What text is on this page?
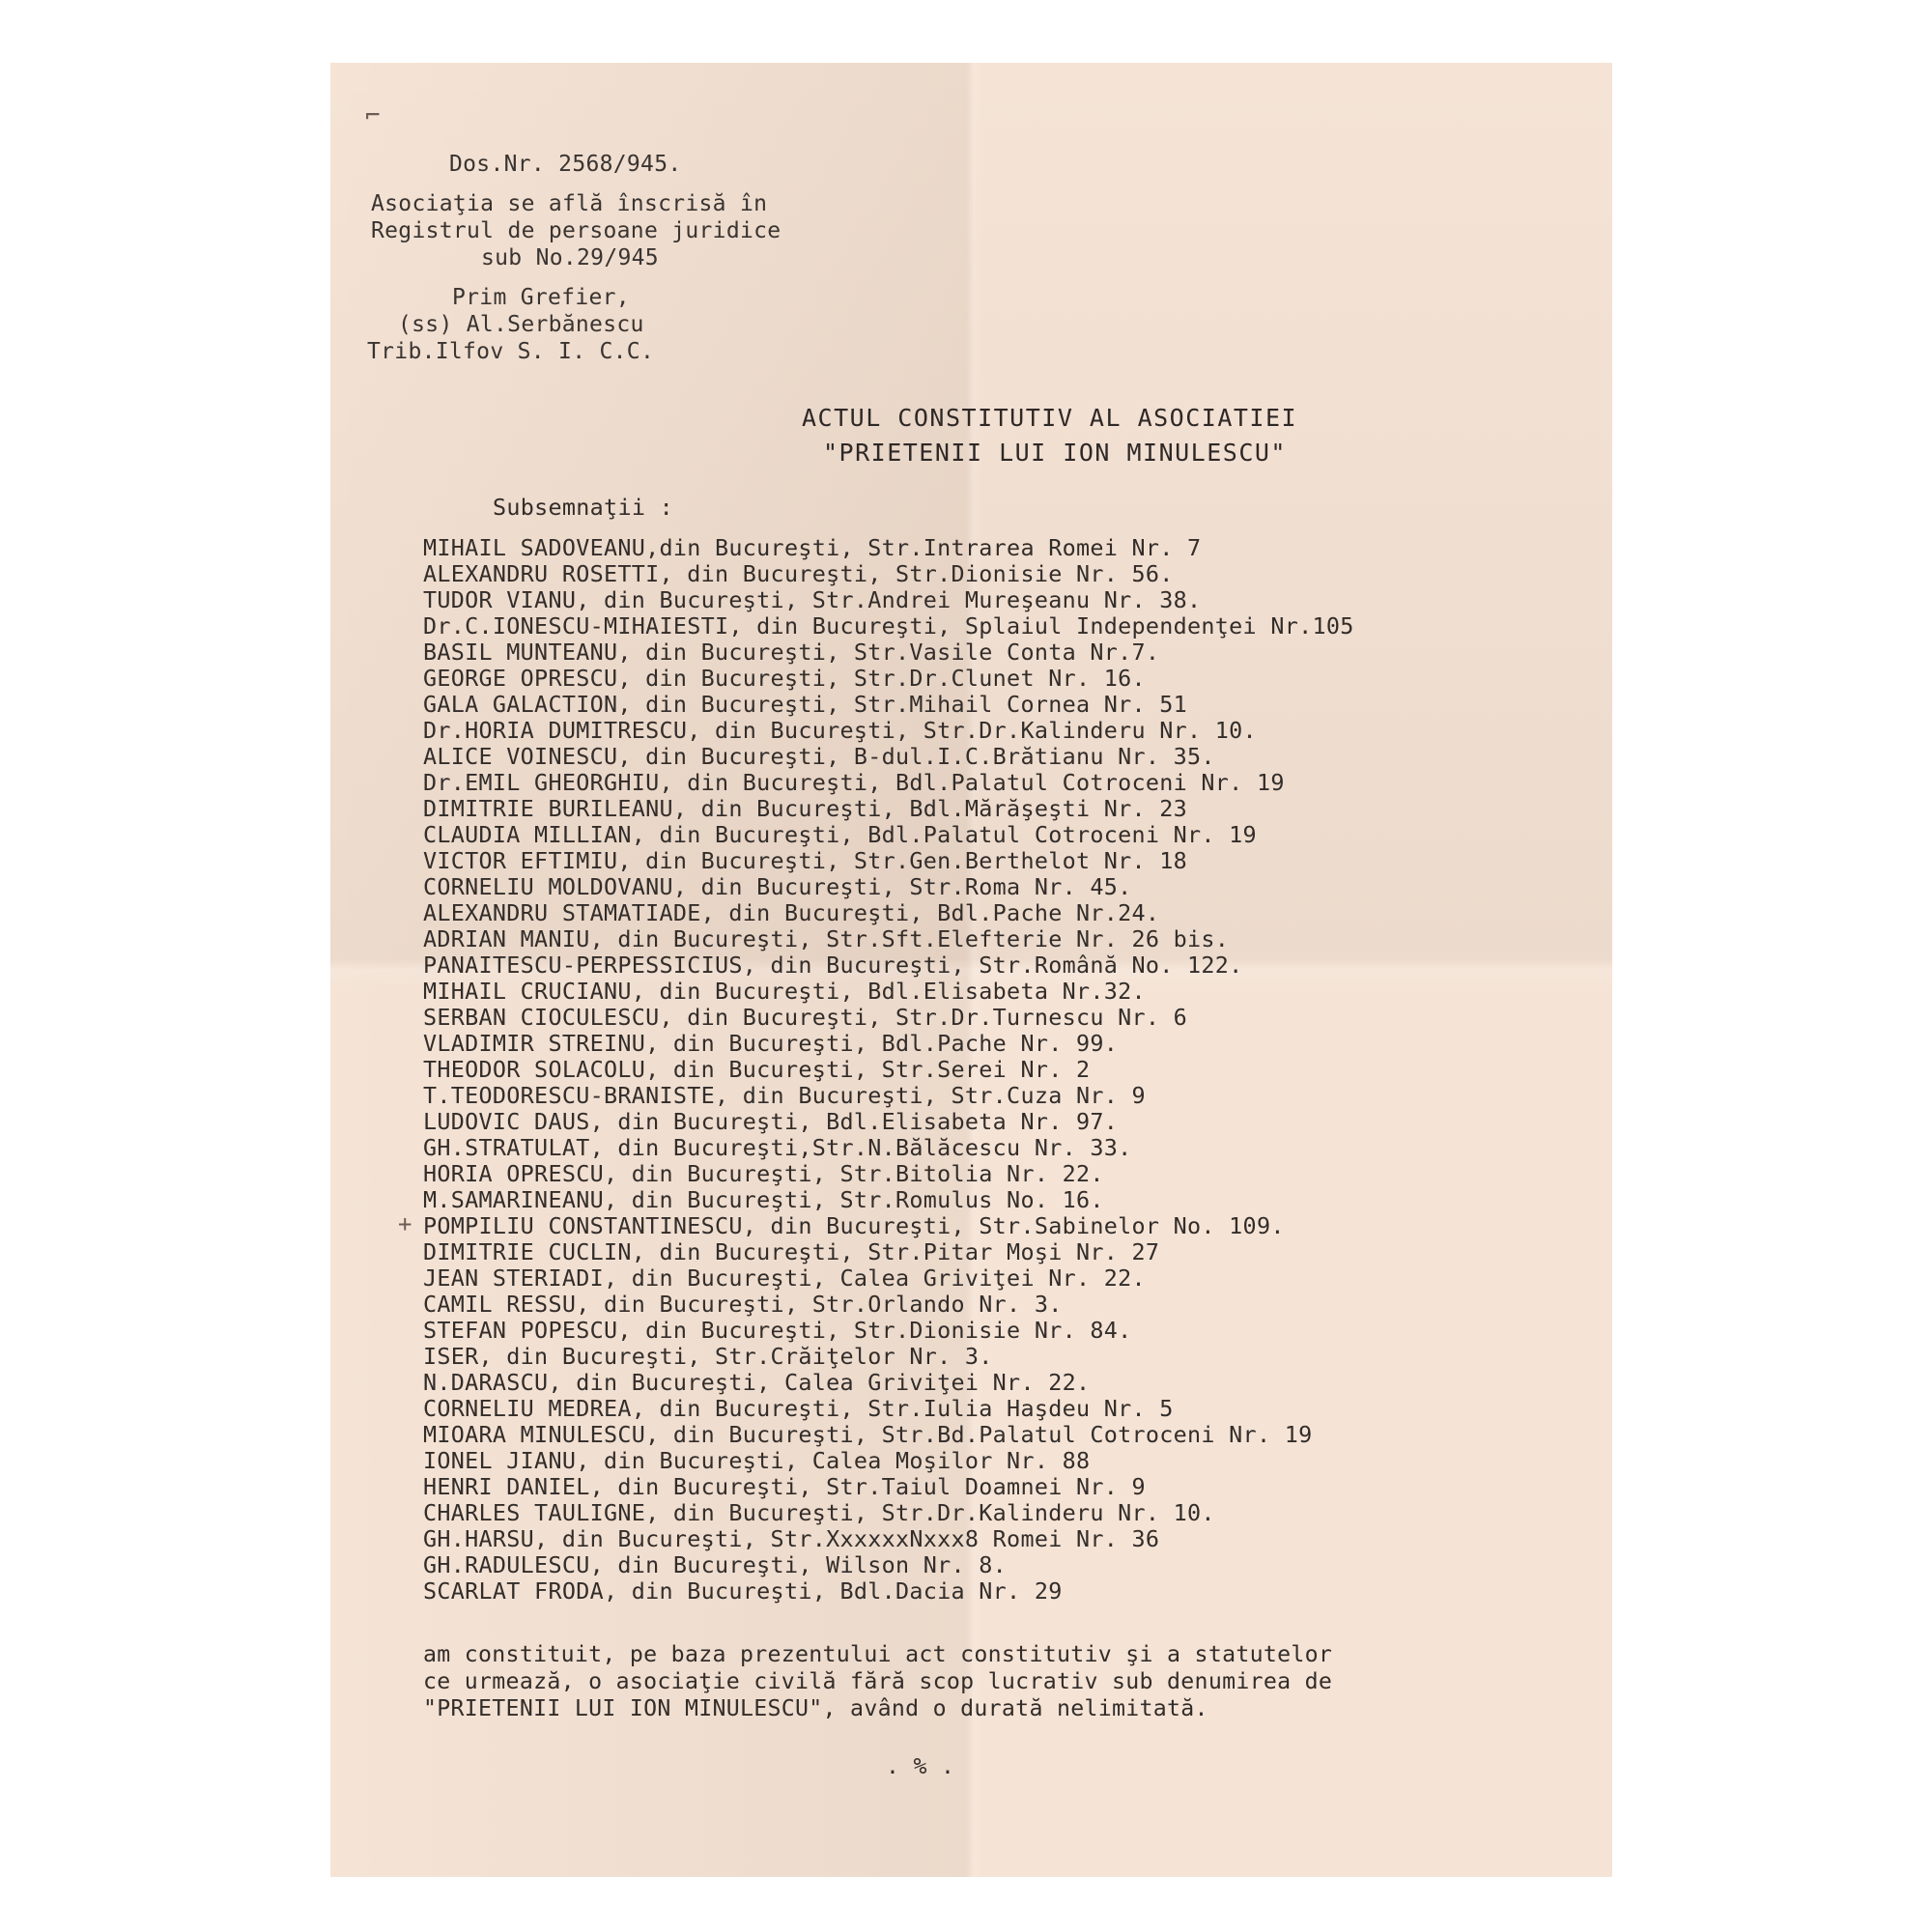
⌐
Dos.Nr. 2568/945.
Asociaţia se află înscrisă în
Registrul de persoane juridice
sub No.29/945
Prim Grefier,
(ss) Al.Serbănescu
Trib.Ilfov S. I. C.C.
ACTUL CONSTITUTIV AL ASOCIATIEI
"PRIETENII LUI ION MINULESCU"
Subsemnaţii :
MIHAIL SADOVEANU,din Bucureşti, Str.Intrarea Romei Nr. 7
ALEXANDRU ROSETTI, din Bucureşti, Str.Dionisie Nr. 56.
TUDOR VIANU, din Bucureşti, Str.Andrei Mureşeanu Nr. 38.
Dr.C.IONESCU-MIHAIESTI, din Bucureşti, Splaiul Independenţei Nr.105
BASIL MUNTEANU, din Bucureşti, Str.Vasile Conta Nr.7.
GEORGE OPRESCU, din Bucureşti, Str.Dr.Clunet Nr. 16.
GALA GALACTION, din Bucureşti, Str.Mihail Cornea Nr. 51
Dr.HORIA DUMITRESCU, din Bucureşti, Str.Dr.Kalinderu Nr. 10.
ALICE VOINESCU, din Bucureşti, B-dul.I.C.Brătianu Nr. 35.
Dr.EMIL GHEORGHIU, din Bucureşti, Bdl.Palatul Cotroceni Nr. 19
DIMITRIE BURILEANU, din Bucureşti, Bdl.Mărăşeşti Nr. 23
CLAUDIA MILLIAN, din Bucureşti, Bdl.Palatul Cotroceni Nr. 19
VICTOR EFTIMIU, din Bucureşti, Str.Gen.Berthelot Nr. 18
CORNELIU MOLDOVANU, din Bucureşti, Str.Roma Nr. 45.
ALEXANDRU STAMATIADE, din Bucureşti, Bdl.Pache Nr.24.
ADRIAN MANIU, din Bucureşti, Str.Sft.Elefterie Nr. 26 bis.
PANAITESCU-PERPESSICIUS, din Bucureşti, Str.Română No. 122.
MIHAIL CRUCIANU, din Bucureşti, Bdl.Elisabeta Nr.32.
SERBAN CIOCULESCU, din Bucureşti, Str.Dr.Turnescu Nr. 6
VLADIMIR STREINU, din Bucureşti, Bdl.Pache Nr. 99.
THEODOR SOLACOLU, din Bucureşti, Str.Serei Nr. 2
T.TEODORESCU-BRANISTE, din Bucureşti, Str.Cuza Nr. 9
LUDOVIC DAUS, din Bucureşti, Bdl.Elisabeta Nr. 97.
GH.STRATULAT, din Bucureşti,Str.N.Bălăcescu Nr. 33.
HORIA OPRESCU, din Bucureşti, Str.Bitolia Nr. 22.
M.SAMARINEANU, din Bucureşti, Str.Romulus No. 16.
POMPILIU CONSTANTINESCU, din Bucureşti, Str.Sabinelor No. 109.
DIMITRIE CUCLIN, din Bucureşti, Str.Pitar Moşi Nr. 27
JEAN STERIADI, din Bucureşti, Calea Griviţei Nr. 22.
CAMIL RESSU, din Bucureşti, Str.Orlando Nr. 3.
STEFAN POPESCU, din Bucureşti, Str.Dionisie Nr. 84.
ISER, din Bucureşti, Str.Crăiţelor Nr. 3.
N.DARASCU, din Bucureşti, Calea Griviţei Nr. 22.
CORNELIU MEDREA, din Bucureşti, Str.Iulia Haşdeu Nr. 5
MIOARA MINULESCU, din Bucureşti, Str.Bd.Palatul Cotroceni Nr. 19
IONEL JIANU, din Bucureşti, Calea Moşilor Nr. 88
HENRI DANIEL, din Bucureşti, Str.Taiul Doamnei Nr. 9
CHARLES TAULIGNE, din Bucureşti, Str.Dr.Kalinderu Nr. 10.
GH.HARSU, din Bucureşti, Str.XxxxxxNxxx8 Romei Nr. 36
GH.RADULESCU, din Bucureşti, Wilson Nr. 8.
SCARLAT FRODA, din Bucureşti, Bdl.Dacia Nr. 29
+
am constituit, pe baza prezentului act constitutiv şi a statutelor
ce urmează, o asociaţie civilă fără scop lucrativ sub denumirea de
"PRIETENII LUI ION MINULESCU", având o durată nelimitată.
. % .
